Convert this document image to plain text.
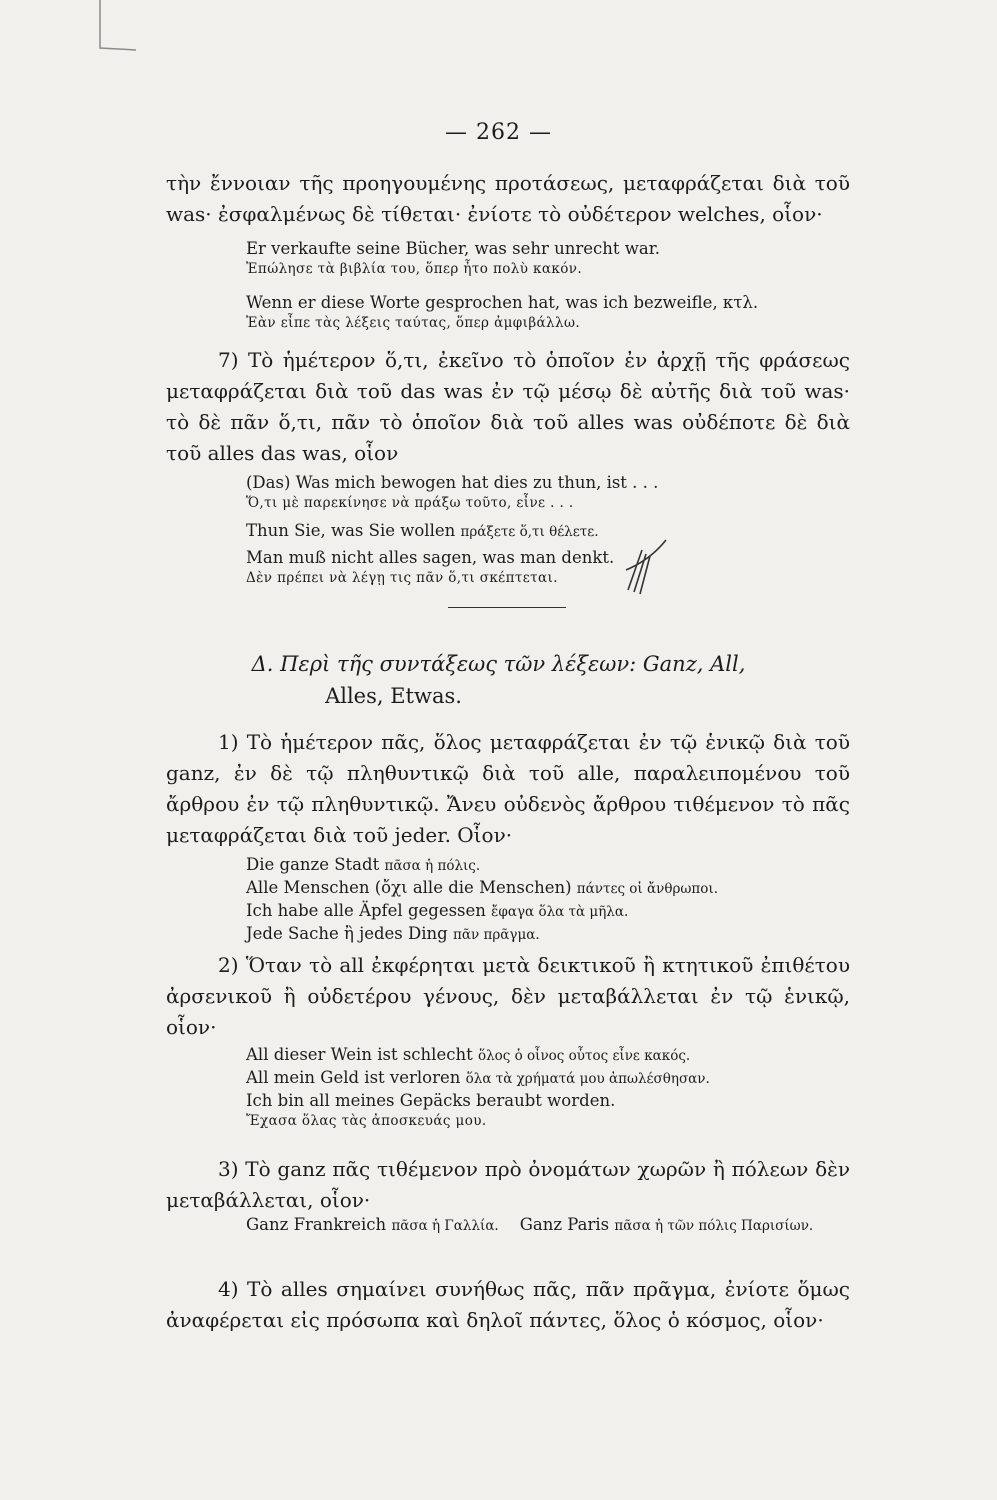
— 262 —
τὴν ἔννοιαν τῆς προηγουμένης προτάσεως, μεταφράζεται διὰ τοῦ was· ἐσφαλμένως δὲ τίθεται· ἐνίοτε τὸ οὐδέτερον welches, οἷον·
Er verkaufte seine Bücher, was sehr unrecht war.
Ἐπώλησε τὰ βιβλία του, ὅπερ ἦτο πολὺ κακόν.
Wenn er diese Worte gesprochen hat, was ich bezweifle, κτλ.
Ἐὰν εἶπε τὰς λέξεις ταύτας, ὅπερ ἀμφιβάλλω.
7) Τὸ ἡμέτερον ὅ,τι, ἐκεῖνο τὸ ὁποῖον ἐν ἀρχῇ τῆς φράσεως μεταφράζεται διὰ τοῦ das was ἐν τῷ μέσῳ δὲ αὐτῆς διὰ τοῦ was· τὸ δὲ πᾶν ὅ,τι, πᾶν τὸ ὁποῖον διὰ τοῦ alles was οὐδέποτε δὲ διὰ τοῦ alles das was, οἷον
(Das) Was mich bewogen hat dies zu thun, ist . . .
Ὅ,τι μὲ παρεκίνησε νὰ πράξω τοῦτο, εἶνε . . .
Thun Sie, was Sie wollen πράξετε ὅ,τι θέλετε.
Man muß nicht alles sagen, was man denkt.
Δὲν πρέπει νὰ λέγῃ τις πᾶν ὅ,τι σκέπτεται.
Δ. Περὶ τῆς συντάξεως τῶν λέξεων: Ganz, All,
Alles, Etwas.
1) Τὸ ἡμέτερον πᾶς, ὅλος μεταφράζεται ἐν τῷ ἑνικῷ διὰ τοῦ ganz, ἐν δὲ τῷ πληθυντικῷ διὰ τοῦ alle, παραλειπομένου τοῦ ἄρθρου ἐν τῷ πληθυντικῷ. Ἄνευ οὐδενὸς ἄρθρου τιθέμενον τὸ πᾶς μεταφράζεται διὰ τοῦ jeder. Οἷον·
Die ganze Stadt πᾶσα ἡ πόλις.
Alle Menschen (ὄχι alle die Menschen) πάντες οἱ ἄνθρωποι.
Ich habe alle Äpfel gegessen ἔφαγα ὅλα τὰ μῆλα.
Jede Sache ἢ jedes Ding πᾶν πρᾶγμα.
2) Ὅταν τὸ all ἐκφέρηται μετὰ δεικτικοῦ ἢ κτητικοῦ ἐπιθέτου ἀρσενικοῦ ἢ οὐδετέρου γένους, δὲν μεταβάλλεται ἐν τῷ ἑνικῷ, οἷον·
All dieser Wein ist schlecht ὅλος ὁ οἶνος οὗτος εἶνε κακός.
All mein Geld ist verloren ὅλα τὰ χρήματά μου ἀπωλέσθησαν.
Ich bin all meines Gepäcks beraubt worden.
Ἔχασα ὅλας τὰς ἀποσκευάς μου.
3) Τὸ ganz πᾶς τιθέμενον πρὸ ὀνομάτων χωρῶν ἢ πόλεων δὲν μεταβάλλεται, οἷον·
Ganz Frankreich πᾶσα ἡ Γαλλία. Ganz Paris πᾶσα ἡ τῶν πόλις Παρισίων.
4) Τὸ alles σημαίνει συνήθως πᾶς, πᾶν πρᾶγμα, ἐνίοτε ὅμως ἀναφέρεται εἰς πρόσωπα καὶ δηλοῖ πάντες, ὅλος ὁ κόσμος, οἷον·
